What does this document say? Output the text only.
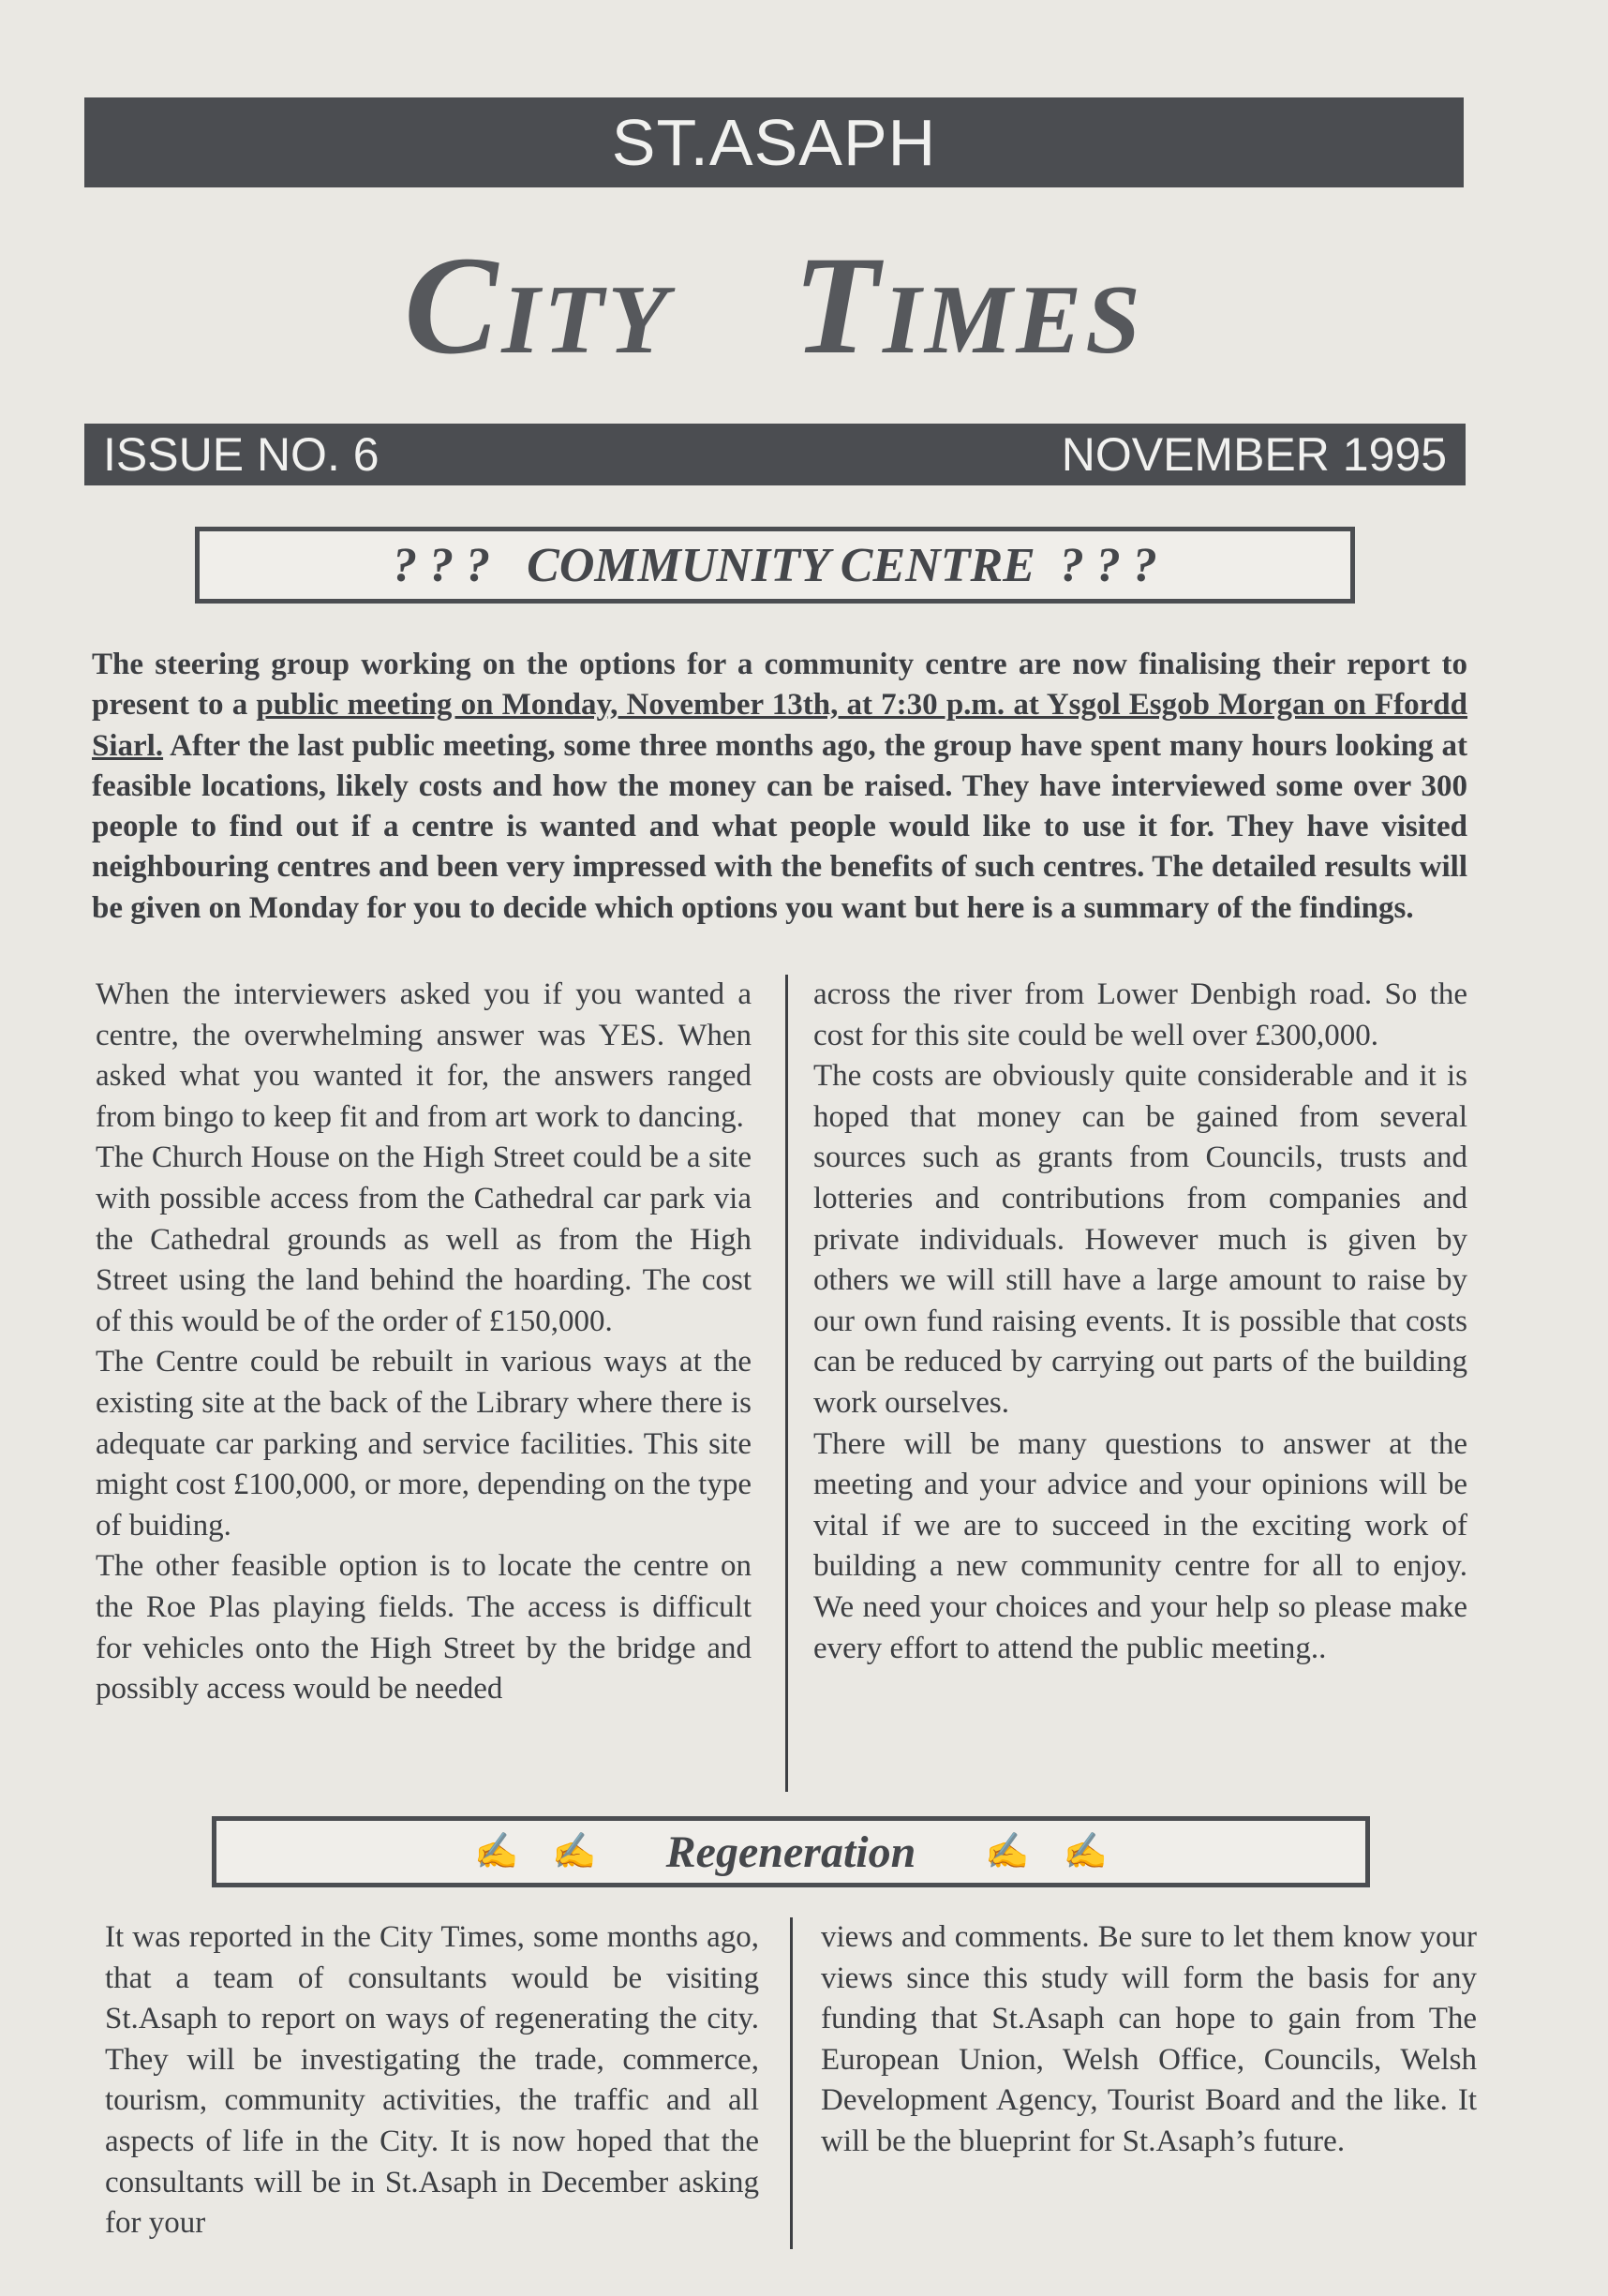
ST.ASAPH
City Times
ISSUE NO. 6	NOVEMBER 1995
? ? ?   COMMUNITY CENTRE  ? ? ?
The steering group working on the options for a community centre are now finalising their report to present to a public meeting on Monday, November 13th, at 7:30 p.m. at Ysgol Esgob Morgan on Ffordd Siarl. After the last public meeting, some three months ago, the group have spent many hours looking at feasible locations, likely costs and how the money can be raised. They have interviewed some over 300 people to find out if a centre is wanted and what people would like to use it for. They have visited neighbouring centres and been very impressed with the benefits of such centres. The detailed results will be given on Monday for you to decide which options you want but here is a summary of the findings.

When the interviewers asked you if you wanted a centre, the overwhelming answer was YES. When asked what you wanted it for, the answers ranged from bingo to keep fit and from art work to dancing.

The Church House on the High Street could be a site with possible access from the Cathedral car park via the Cathedral grounds as well as from the High Street using the land behind the hoarding. The cost of this would be of the order of £150,000.

The Centre could be rebuilt in various ways at the existing site at the back of the Library where there is adequate car parking and service facilities. This site might cost £100,000, or more, depending on the type of buiding.

The other feasible option is to locate the centre on the Roe Plas playing fields. The access is difficult for vehicles onto the High Street by the bridge and possibly access would be needed

across the river from Lower Denbigh road. So the cost for this site could be well over £300,000.

The costs are obviously quite considerable and it is hoped that money can be gained from several sources such as grants from Councils, trusts and lotteries and contributions from companies and private individuals. However much is given by others we will still have a large amount to raise by our own fund raising events. It is possible that costs can be reduced by carrying out parts of the building work ourselves.

There will be many questions to answer at the meeting and your advice and your opinions will be vital if we are to succeed in the exciting work of building a new community centre for all to enjoy. We need your choices and your help so please make every effort to attend the public meeting..

✍ ✍ Regeneration ✍ ✍

It was reported in the City Times, some months ago, that a team of consultants would be visiting St.Asaph to report on ways of regenerating the city. They will be investigating the trade, commerce, tourism, community activities, the traffic and all aspects of life in the City. It is now hoped that the consultants will be in St.Asaph in December asking for your

views and comments. Be sure to let them know your views since this study will form the basis for any funding that St.Asaph can hope to gain from The European Union, Welsh Office, Councils, Welsh Development Agency, Tourist Board and the like. It will be the blueprint for St.Asaph’s future.
